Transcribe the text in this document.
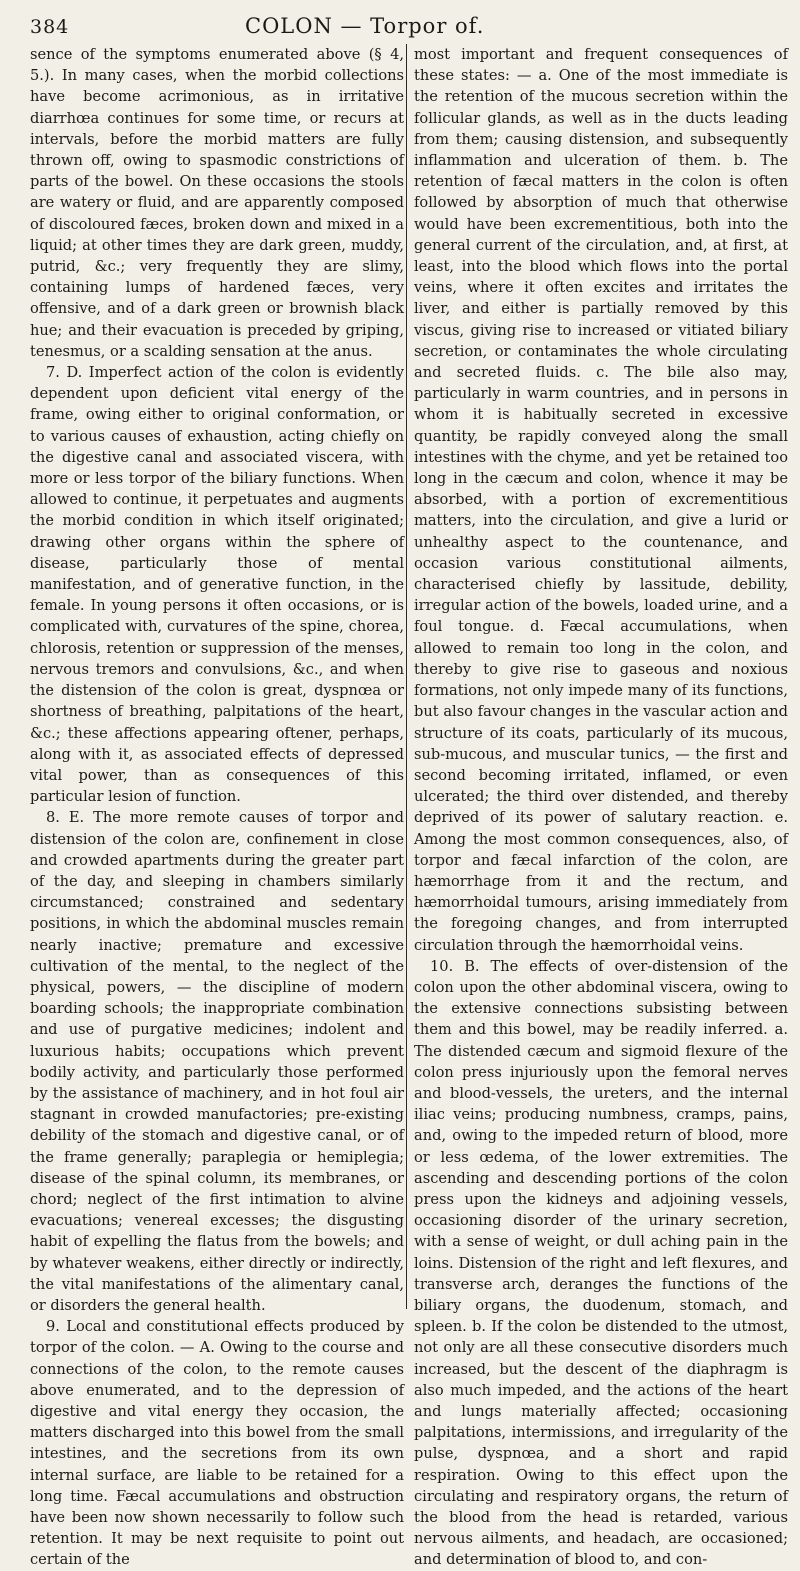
384	COLON — Torpor of.

sence of the symptoms enumerated above (§ 4, 5.). In many cases, when the morbid collections have become acrimonious, as in irritative diarrhœa continues for some time, or recurs at intervals, before the morbid matters are fully thrown off, owing to spasmodic constrictions of parts of the bowel. On these occasions the stools are watery or fluid, and are apparently composed of discoloured fæces, broken down and mixed in a liquid; at other times they are dark green, muddy, putrid, &c.; very frequently they are slimy, containing lumps of hardened fæces, very offensive, and of a dark green or brownish black hue; and their evacuation is preceded by griping, tenesmus, or a scalding sensation at the anus.

7. D. Imperfect action of the colon is evidently dependent upon deficient vital energy of the frame, owing either to original conformation, or to various causes of exhaustion, acting chiefly on the digestive canal and associated viscera, with more or less torpor of the biliary functions. When allowed to continue, it perpetuates and augments the morbid condition in which itself originated; drawing other organs within the sphere of disease, particularly those of mental manifestation, and of generative function, in the female. In young persons it often occasions, or is complicated with, curvatures of the spine, chorea, chlorosis, retention or suppression of the menses, nervous tremors and convulsions, &c., and when the distension of the colon is great, dyspnœa or shortness of breathing, palpitations of the heart, &c.; these affections appearing oftener, perhaps, along with it, as associated effects of depressed vital power, than as consequences of this particular lesion of function.

8. E. The more remote causes of torpor and distension of the colon are, confinement in close and crowded apartments during the greater part of the day, and sleeping in chambers similarly circumstanced; constrained and sedentary positions, in which the abdominal muscles remain nearly inactive; premature and excessive cultivation of the mental, to the neglect of the physical, powers, — the discipline of modern boarding schools; the inappropriate combination and use of purgative medicines; indolent and luxurious habits; occupations which prevent bodily activity, and particularly those performed by the assistance of machinery, and in hot foul air stagnant in crowded manufactories; pre-existing debility of the stomach and digestive canal, or of the frame generally; paraplegia or hemiplegia; disease of the spinal column, its membranes, or chord; neglect of the first intimation to alvine evacuations; venereal excesses; the disgusting habit of expelling the flatus from the bowels; and by whatever weakens, either directly or indirectly, the vital manifestations of the alimentary canal, or disorders the general health.

9. Local and constitutional effects produced by torpor of the colon. — A. Owing to the course and connections of the colon, to the remote causes above enumerated, and to the depression of digestive and vital energy they occasion, the matters discharged into this bowel from the small intestines, and the secretions from its own internal surface, are liable to be retained for a long time. Fæcal accumulations and obstruction have been now shown necessarily to follow such retention. It may be next requisite to point out certain of the

most important and frequent consequences of these states: — a. One of the most immediate is the retention of the mucous secretion within the follicular glands, as well as in the ducts leading from them; causing distension, and subsequently inflammation and ulceration of them. b. The retention of fæcal matters in the colon is often followed by absorption of much that otherwise would have been excrementitious, both into the general current of the circulation, and, at first, at least, into the blood which flows into the portal veins, where it often excites and irritates the liver, and either is partially removed by this viscus, giving rise to increased or vitiated biliary secretion, or contaminates the whole circulating and secreted fluids. c. The bile also may, particularly in warm countries, and in persons in whom it is habitually secreted in excessive quantity, be rapidly conveyed along the small intestines with the chyme, and yet be retained too long in the cæcum and colon, whence it may be absorbed, with a portion of excrementitious matters, into the circulation, and give a lurid or unhealthy aspect to the countenance, and occasion various constitutional ailments, characterised chiefly by lassitude, debility, irregular action of the bowels, loaded urine, and a foul tongue. d. Fæcal accumulations, when allowed to remain too long in the colon, and thereby to give rise to gaseous and noxious formations, not only impede many of its functions, but also favour changes in the vascular action and structure of its coats, particularly of its mucous, sub-mucous, and muscular tunics, — the first and second becoming irritated, inflamed, or even ulcerated; the third over distended, and thereby deprived of its power of salutary reaction. e. Among the most common consequences, also, of torpor and fæcal infarction of the colon, are hæmorrhage from it and the rectum, and hæmorrhoidal tumours, arising immediately from the foregoing changes, and from interrupted circulation through the hæmorrhoidal veins.

10. B. The effects of over-distension of the colon upon the other abdominal viscera, owing to the extensive connections subsisting between them and this bowel, may be readily inferred. a. The distended cæcum and sigmoid flexure of the colon press injuriously upon the femoral nerves and blood-vessels, the ureters, and the internal iliac veins; producing numbness, cramps, pains, and, owing to the impeded return of blood, more or less œdema, of the lower extremities. The ascending and descending portions of the colon press upon the kidneys and adjoining vessels, occasioning disorder of the urinary secretion, with a sense of weight, or dull aching pain in the loins. Distension of the right and left flexures, and transverse arch, deranges the functions of the biliary organs, the duodenum, stomach, and spleen. b. If the colon be distended to the utmost, not only are all these consecutive disorders much increased, but the descent of the diaphragm is also much impeded, and the actions of the heart and lungs materially affected; occasioning palpitations, intermissions, and irregularity of the pulse, dyspnœa, and a short and rapid respiration. Owing to this effect upon the circulating and respiratory organs, the return of the blood from the head is retarded, various nervous ailments, and headach, are occasioned; and determination of blood to, and con-
